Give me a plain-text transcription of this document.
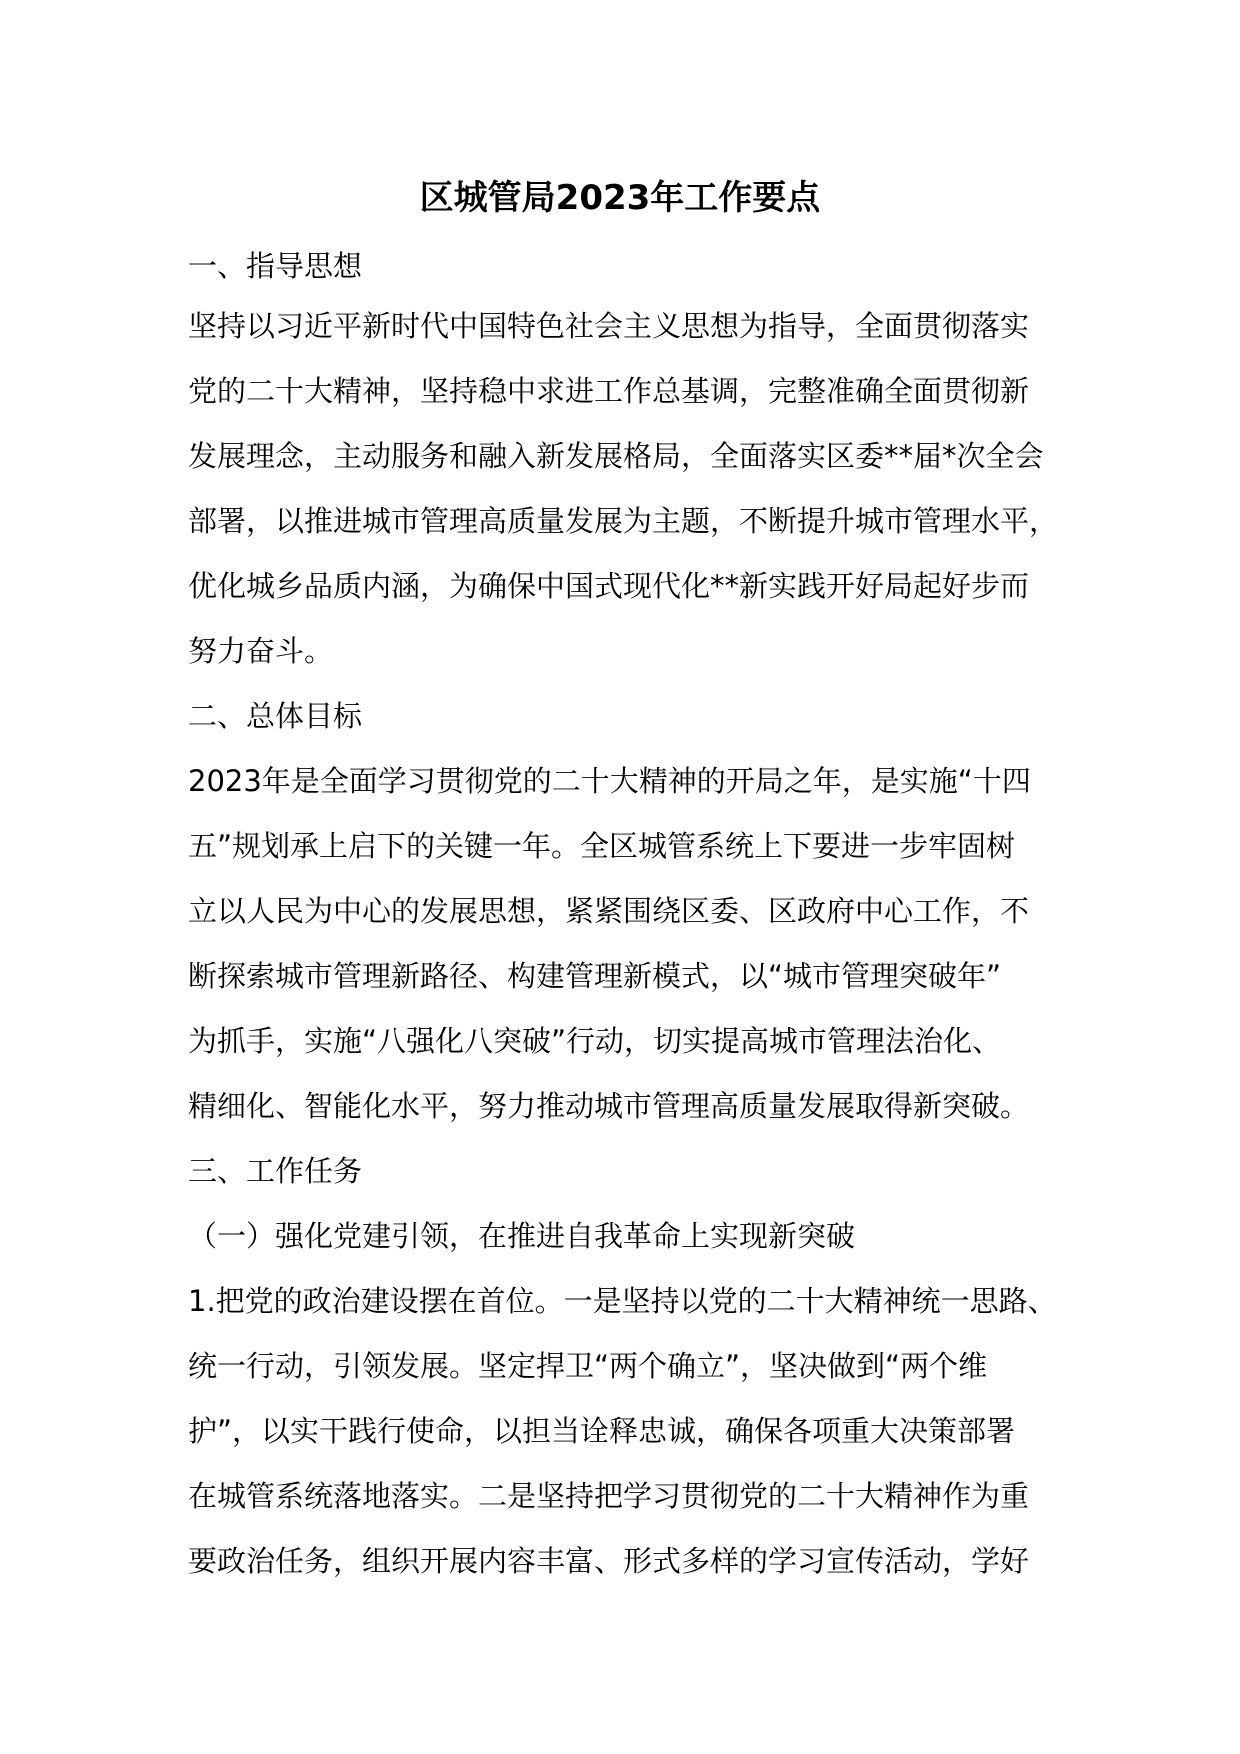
区城管局2023年工作要点
一、指导思想
坚持以习近平新时代中国特色社会主义思想为指导，全面贯彻落实
党的二十大精神，坚持稳中求进工作总基调，完整准确全面贯彻新
发展理念，主动服务和融入新发展格局，全面落实区委**届*次全会
部署，以推进城市管理高质量发展为主题，不断提升城市管理水平，
优化城乡品质内涵，为确保中国式现代化**新实践开好局起好步而
努力奋斗。
二、总体目标
2023年是全面学习贯彻党的二十大精神的开局之年，是实施“十四
五”规划承上启下的关键一年。全区城管系统上下要进一步牢固树
立以人民为中心的发展思想，紧紧围绕区委、区政府中心工作，不
断探索城市管理新路径、构建管理新模式，以“城市管理突破年”
为抓手，实施“八强化八突破”行动，切实提高城市管理法治化、
精细化、智能化水平，努力推动城市管理高质量发展取得新突破。
三、工作任务
（一）强化党建引领，在推进自我革命上实现新突破
1.把党的政治建设摆在首位。一是坚持以党的二十大精神统一思路、
统一行动，引领发展。坚定捍卫“两个确立”，坚决做到“两个维
护”，以实干践行使命，以担当诠释忠诚，确保各项重大决策部署
在城管系统落地落实。二是坚持把学习贯彻党的二十大精神作为重
要政治任务，组织开展内容丰富、形式多样的学习宣传活动，学好
